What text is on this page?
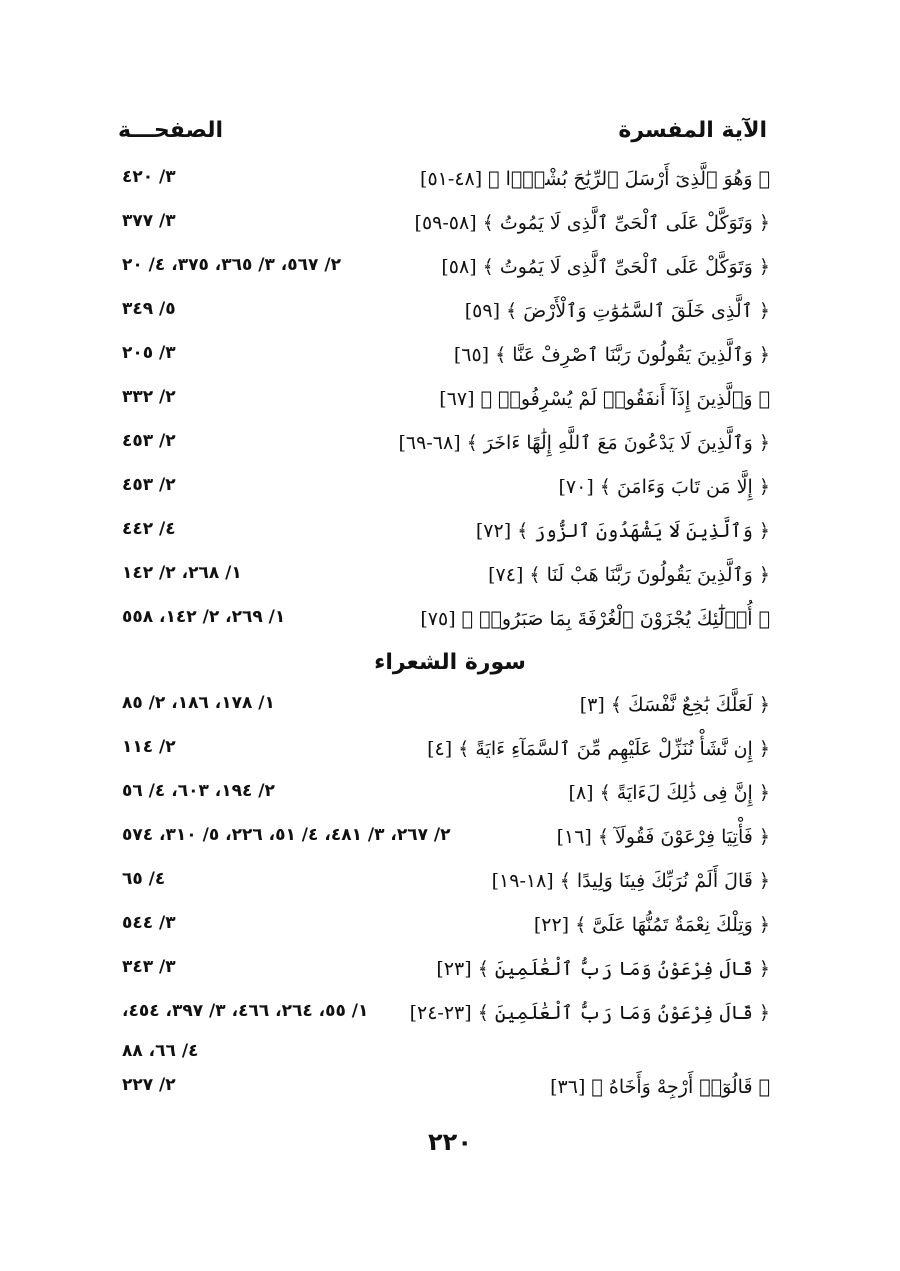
الآية المفسرة
الصفحـــة
﴿ وَهُوَ ٱلَّذِىٓ أَرْسَلَ ٱلرِّيَٰحَ بُشْرًۢا ﴾ [٤٨-٥١]
٣/ ٤٢٠
﴿ وَتَوَكَّلْ عَلَى ٱلْحَىِّ ٱلَّذِى لَا يَمُوتُ ﴾ [٥٨-٥٩]
٣/ ٣٧٧
﴿ وَتَوَكَّلْ عَلَى ٱلْحَىِّ ٱلَّذِى لَا يَمُوتُ ﴾ [٥٨]
٢/ ٥٦٧، ٣/ ٣٦٥، ٣٧٥، ٤/ ٢٠
﴿ ٱلَّذِى خَلَقَ ٱلسَّمَٰوَٰتِ وَٱلْأَرْضَ ﴾ [٥٩]
٥/ ٣٤٩
﴿ وَٱلَّذِينَ يَقُولُونَ رَبَّنَا ٱصْرِفْ عَنَّا ﴾ [٦٥]
٣/ ٢٠٥
﴿ وَٱلَّذِينَ إِذَآ أَنفَقُوا۟ لَمْ يُسْرِفُوا۟ ﴾ [٦٧]
٢/ ٣٣٢
﴿ وَٱلَّذِينَ لَا يَدْعُونَ مَعَ ٱللَّهِ إِلَٰهًا ءَاخَرَ ﴾ [٦٨-٦٩]
٢/ ٤٥٣
﴿ إِلَّا مَن تَابَ وَءَامَنَ ﴾ [٧٠]
٢/ ٤٥٣
﴿ وَٱلَّذِينَ لَا يَشْهَدُونَ ٱلزُّورَ ﴾ [٧٢]
٤/ ٤٤٢
﴿ وَٱلَّذِينَ يَقُولُونَ رَبَّنَا هَبْ لَنَا ﴾ [٧٤]
١/ ٢٦٨، ٢/ ١٤٢
﴿ أُو۟لَٰٓئِكَ يُجْزَوْنَ ٱلْغُرْفَةَ بِمَا صَبَرُوا۟ ﴾ [٧٥]
١/ ٢٦٩، ٢/ ١٤٢، ٥٥٨
سورة الشعراء
﴿ لَعَلَّكَ بَٰخِعٌ نَّفْسَكَ ﴾ [٣]
١/ ١٧٨، ١٨٦، ٢/ ٨٥
﴿ إِن نَّشَأْ نُنَزِّلْ عَلَيْهِم مِّنَ ٱلسَّمَآءِ ءَايَةً ﴾ [٤]
٢/ ١١٤
﴿ إِنَّ فِى ذَٰلِكَ لَءَايَةً ﴾ [٨]
٢/ ١٩٤، ٦٠٣، ٤/ ٥٦
﴿ فَأْتِيَا فِرْعَوْنَ فَقُولَآ ﴾ [١٦]
٢/ ٢٦٧، ٣/ ٤٨١، ٤/ ٥١، ٢٢٦، ٥/ ٣١٠، ٥٧٤
﴿ قَالَ أَلَمْ نُرَبِّكَ فِينَا وَلِيدًا ﴾ [١٨-١٩]
٤/ ٦٥
﴿ وَتِلْكَ نِعْمَةٌ تَمُنُّهَا عَلَىَّ ﴾ [٢٢]
٣/ ٥٤٤
﴿ قَالَ فِرْعَوْنُ وَمَا رَبُّ ٱلْعَٰلَمِينَ ﴾ [٢٣]
٣/ ٣٤٣
﴿ قَالَ فِرْعَوْنُ وَمَا رَبُّ ٱلْعَٰلَمِينَ ﴾ [٢٣-٢٤]
١/ ٥٥، ٢٦٤، ٤٦٦، ٣/ ٣٩٧، ٤٥٤،
٤/ ٦٦، ٨٨
﴿ قَالُوٓا۟ أَرْجِهْ وَأَخَاهُ ﴾ [٣٦]
٢/ ٢٢٧
٢٢٠
